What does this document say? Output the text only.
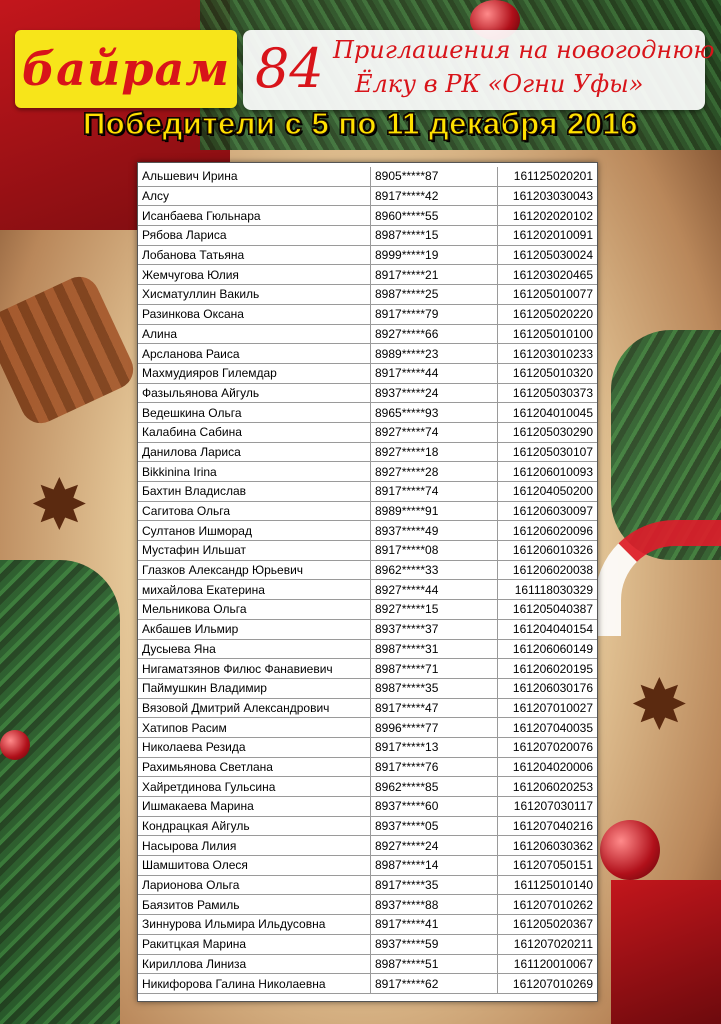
✸
✸
байрам 84 Приглашения на новогоднюю
Ёлку в РК «Огни Уфы»
Победители с 5 по 11 декабря 2016
Альшевич Ирина	8905*****87	161125020201
Алсу	8917*****42	161203030043
Исанбаева Гюльнара	8960*****55	161202020102
Рябова Лариса	8987*****15	161202010091
Лобанова Татьяна	8999*****19	161205030024
Жемчугова Юлия	8917*****21	161203020465
Хисматуллин Вакиль	8987*****25	161205010077
Разинкова Оксана	8917*****79	161205020220
Алина	8927*****66	161205010100
Арсланова Раиса	8989*****23	161203010233
Махмудияров Гилемдар	8917*****44	161205010320
Фазыльянова Айгуль	8937*****24	161205030373
Ведешкина Ольга	8965*****93	161204010045
Калабина Сабина	8927*****74	161205030290
Данилова Лариса	8927*****18	161205030107
Bikkinina Irina	8927*****28	161206010093
Бахтин Владислав	8917*****74	161204050200
Сагитова Ольга	8989*****91	161206030097
Султанов Ишморад	8937*****49	161206020096
Мустафин Ильшат	8917*****08	161206010326
Глазков Александр Юрьевич	8962*****33	161206020038
михайлова Екатерина	8927*****44	161118030329
Мельникова Ольга	8927*****15	161205040387
Акбашев Ильмир	8937*****37	161204040154
Дусыева Яна	8987*****31	161206060149
Нигаматзянов Филюс Фанавиевич	8987*****71	161206020195
Паймушкин Владимир	8987*****35	161206030176
Вязовой Дмитрий Александрович	8917*****47	161207010027
Хатипов Расим	8996*****77	161207040035
Николаева Резида	8917*****13	161207020076
Рахимьянова Светлана	8917*****76	161204020006
Хайретдинова Гульсина	8962*****85	161206020253
Ишмакаева Марина	8937*****60	161207030117
Кондрацкая Айгуль	8937*****05	161207040216
Насырова Лилия	8927*****24	161206030362
Шамшитова Олеся	8987*****14	161207050151
Ларионова Ольга	8917*****35	161125010140
Баязитов Рамиль	8937*****88	161207010262
Зиннурова Ильмира Ильдусовна	8917*****41	161205020367
Ракитцкая Марина	8937*****59	161207020211
Кириллова Линиза	8987*****51	161120010067
Никифорова Галина Николаевна	8917*****62	161207010269
